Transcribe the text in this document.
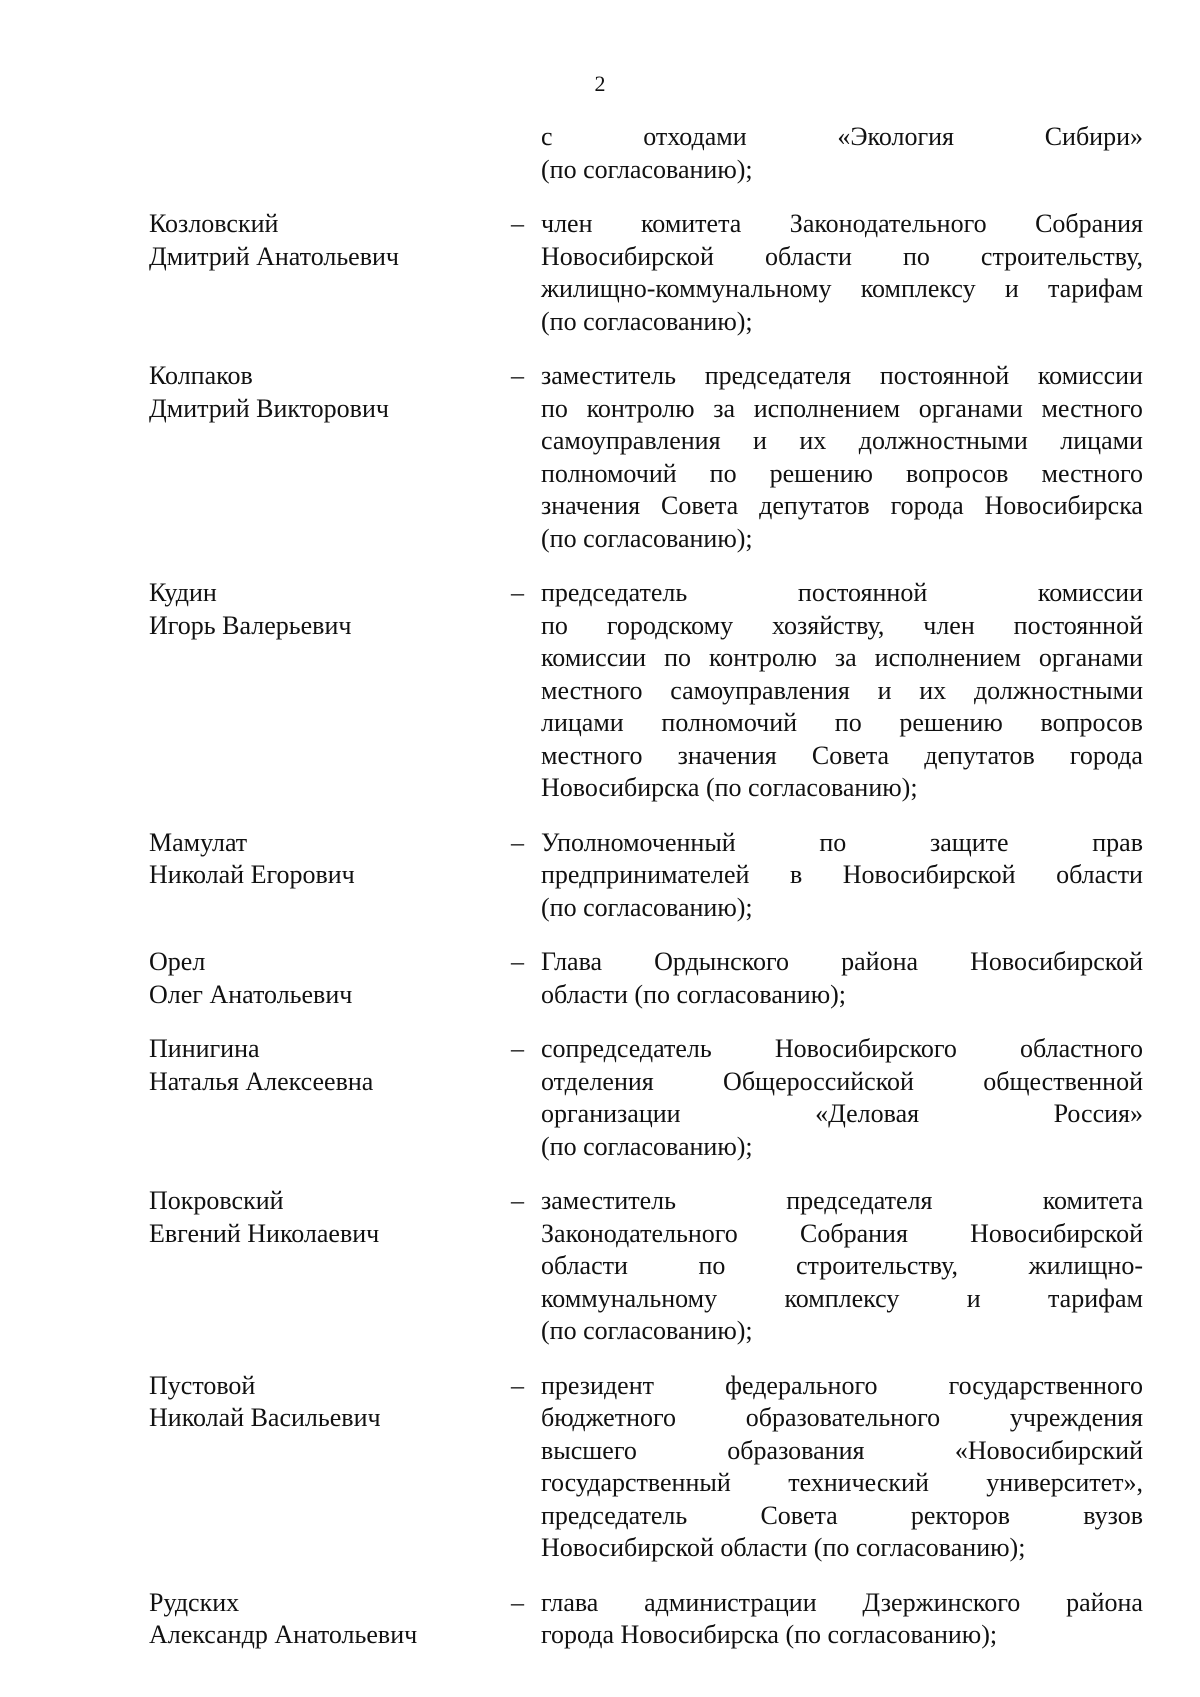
2
с	отходами	«Экология	Сибири»
(по согласованию);
Козловский
Дмитрий Анатольевич
– член комитета Законодательного Собрания
Новосибирской области по строительству,
жилищно-коммунальному комплексу и тарифам
(по согласованию);
Колпаков
Дмитрий Викторович
– заместитель председателя постоянной комиссии
по контролю за исполнением органами местного
самоуправления и их должностными лицами
полномочий по решению вопросов местного
значения Совета депутатов города Новосибирска
(по согласованию);
Кудин
Игорь Валерьевич
– председатель	постоянной	комиссии
по городскому хозяйству, член постоянной
комиссии по контролю за исполнением органами
местного самоуправления и их должностными
лицами полномочий по решению вопросов
местного значения Совета депутатов города
Новосибирска (по согласованию);
Мамулат
Николай Егорович
– Уполномоченный	по	защите	прав
предпринимателей в Новосибирской области
(по согласованию);
Орел
Олег Анатольевич
– Глава Ордынского района Новосибирской
области (по согласованию);
Пинигина
Наталья Алексеевна
– сопредседатель Новосибирского областного
отделения	Общероссийской	общественной
организации	«Деловая	Россия»
(по согласованию);
Покровский
Евгений Николаевич
– заместитель	председателя	комитета
Законодательного Собрания Новосибирской
области	по	строительству,	жилищно-
коммунальному	комплексу	и	тарифам
(по согласованию);
Пустовой
Николай Васильевич
– президент	федерального	государственного
бюджетного	образовательного	учреждения
высшего	образования	«Новосибирский
государственный технический университет»,
председатель	Совета	ректоров	вузов
Новосибирской области (по согласованию);
Рудских
Александр Анатольевич
– глава администрации Дзержинского района
города Новосибирска (по согласованию);
